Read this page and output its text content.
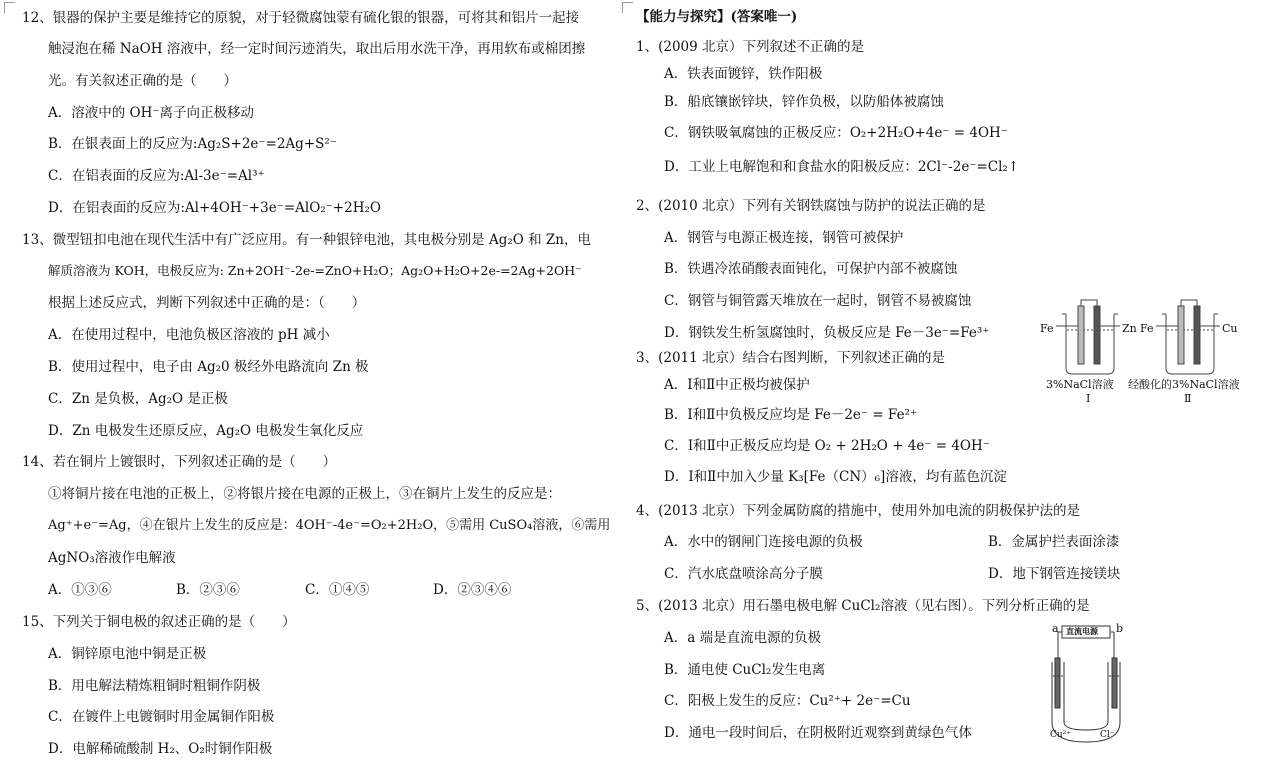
12、银器的保护主要是维持它的原貌，对于轻微腐蚀蒙有硫化银的银器，可将其和铝片一起接
触浸泡在稀 NaOH 溶液中，经一定时间污迹消失，取出后用水洗干净，再用软布或棉团擦
光。有关叙述正确的是（　　）
A．溶液中的 OH⁻离子向正极移动
B．在银表面上的反应为:Ag₂S+2e⁻=2Ag+S²⁻
C．在铝表面的反应为:Al-3e⁻=Al³⁺
D．在铝表面的反应为:Al+4OH⁻+3e⁻=AlO₂⁻+2H₂O
13、微型钮扣电池在现代生活中有广泛应用。有一种银锌电池，其电极分别是 Ag₂O 和 Zn，电
解质溶液为 KOH，电极反应为: Zn+2OH⁻-2e-=ZnO+H₂O；Ag₂O+H₂O+2e-=2Ag+2OH⁻
根据上述反应式，判断下列叙述中正确的是：（　　）
A．在使用过程中，电池负极区溶液的 pH 减小
B．使用过程中，电子由 Ag₂0 极经外电路流向 Zn 极
C．Zn 是负极，Ag₂O 是正极
D．Zn 电极发生还原反应，Ag₂O 电极发生氧化反应
14、若在铜片上镀银时，下列叙述正确的是（　　）
①将铜片接在电池的正极上，②将银片接在电源的正极上，③在铜片上发生的反应是：
Ag⁺+e⁻=Ag，④在银片上发生的反应是：4OH⁻-4e⁻=O₂+2H₂O，⑤需用 CuSO₄溶液，⑥需用
AgNO₃溶液作电解液
A．①③⑥	B．②③⑥	C．①④⑤	D．②③④⑥
15、下列关于铜电极的叙述正确的是（　　）
A．铜锌原电池中铜是正极
B．用电解法精炼粗铜时粗铜作阴极
C．在镀件上电镀铜时用金属铜作阳极
D．电解稀硫酸制 H₂、O₂时铜作阳极
【能力与探究】(答案唯一)
1、(2009 北京）下列叙述不正确的是
A．铁表面镀锌，铁作阳极
B．船底镶嵌锌块，锌作负极，以防船体被腐蚀
C．钢铁吸氧腐蚀的正极反应：O₂+2H₂O+4e⁻ = 4OH⁻
D．工业上电解饱和和食盐水的阳极反应：2Cl⁻-2e⁻=Cl₂↑
2、(2010 北京）下列有关钢铁腐蚀与防护的说法正确的是
A．钢管与电源正极连接，钢管可被保护
B．铁遇冷浓硝酸表面钝化，可保护内部不被腐蚀
C．钢管与铜管露天堆放在一起时，钢管不易被腐蚀
D．钢铁发生析氢腐蚀时，负极反应是 Fe－3e⁻=Fe³⁺
3、(2011 北京）结合右图判断，下列叙述正确的是
A．Ⅰ和Ⅱ中正极均被保护
B．Ⅰ和Ⅱ中负极反应均是 Fe－2e⁻ = Fe²⁺
C．Ⅰ和Ⅱ中正极反应均是 O₂ + 2H₂O + 4e⁻ = 4OH⁻
D．Ⅰ和Ⅱ中加入少量 K₃[Fe（CN）₆]溶液，均有蓝色沉淀
4、(2013 北京）下列金属防腐的措施中，使用外加电流的阴极保护法的是
A．水中的钢闸门连接电源的负极	B．金属护拦表面涂漆
C．汽水底盘喷涂高分子膜	D．地下钢管连接镁块
5、(2013 北京）用石墨电极电解 CuCl₂溶液（见右图）。下列分析正确的是
A．a 端是直流电源的负极
B．通电使 CuCl₂发生电离
C．阳极上发生的反应：Cu²⁺+ 2e⁻=Cu
D．通电一段时间后，在阴极附近观察到黄绿色气体
Fe	Zn Fe	Cu
3%NaCl溶液 经酸化的3%NaCl溶液
Ⅰ	Ⅱ
a	b
直流电源
Cu²⁺	Cl⁻
